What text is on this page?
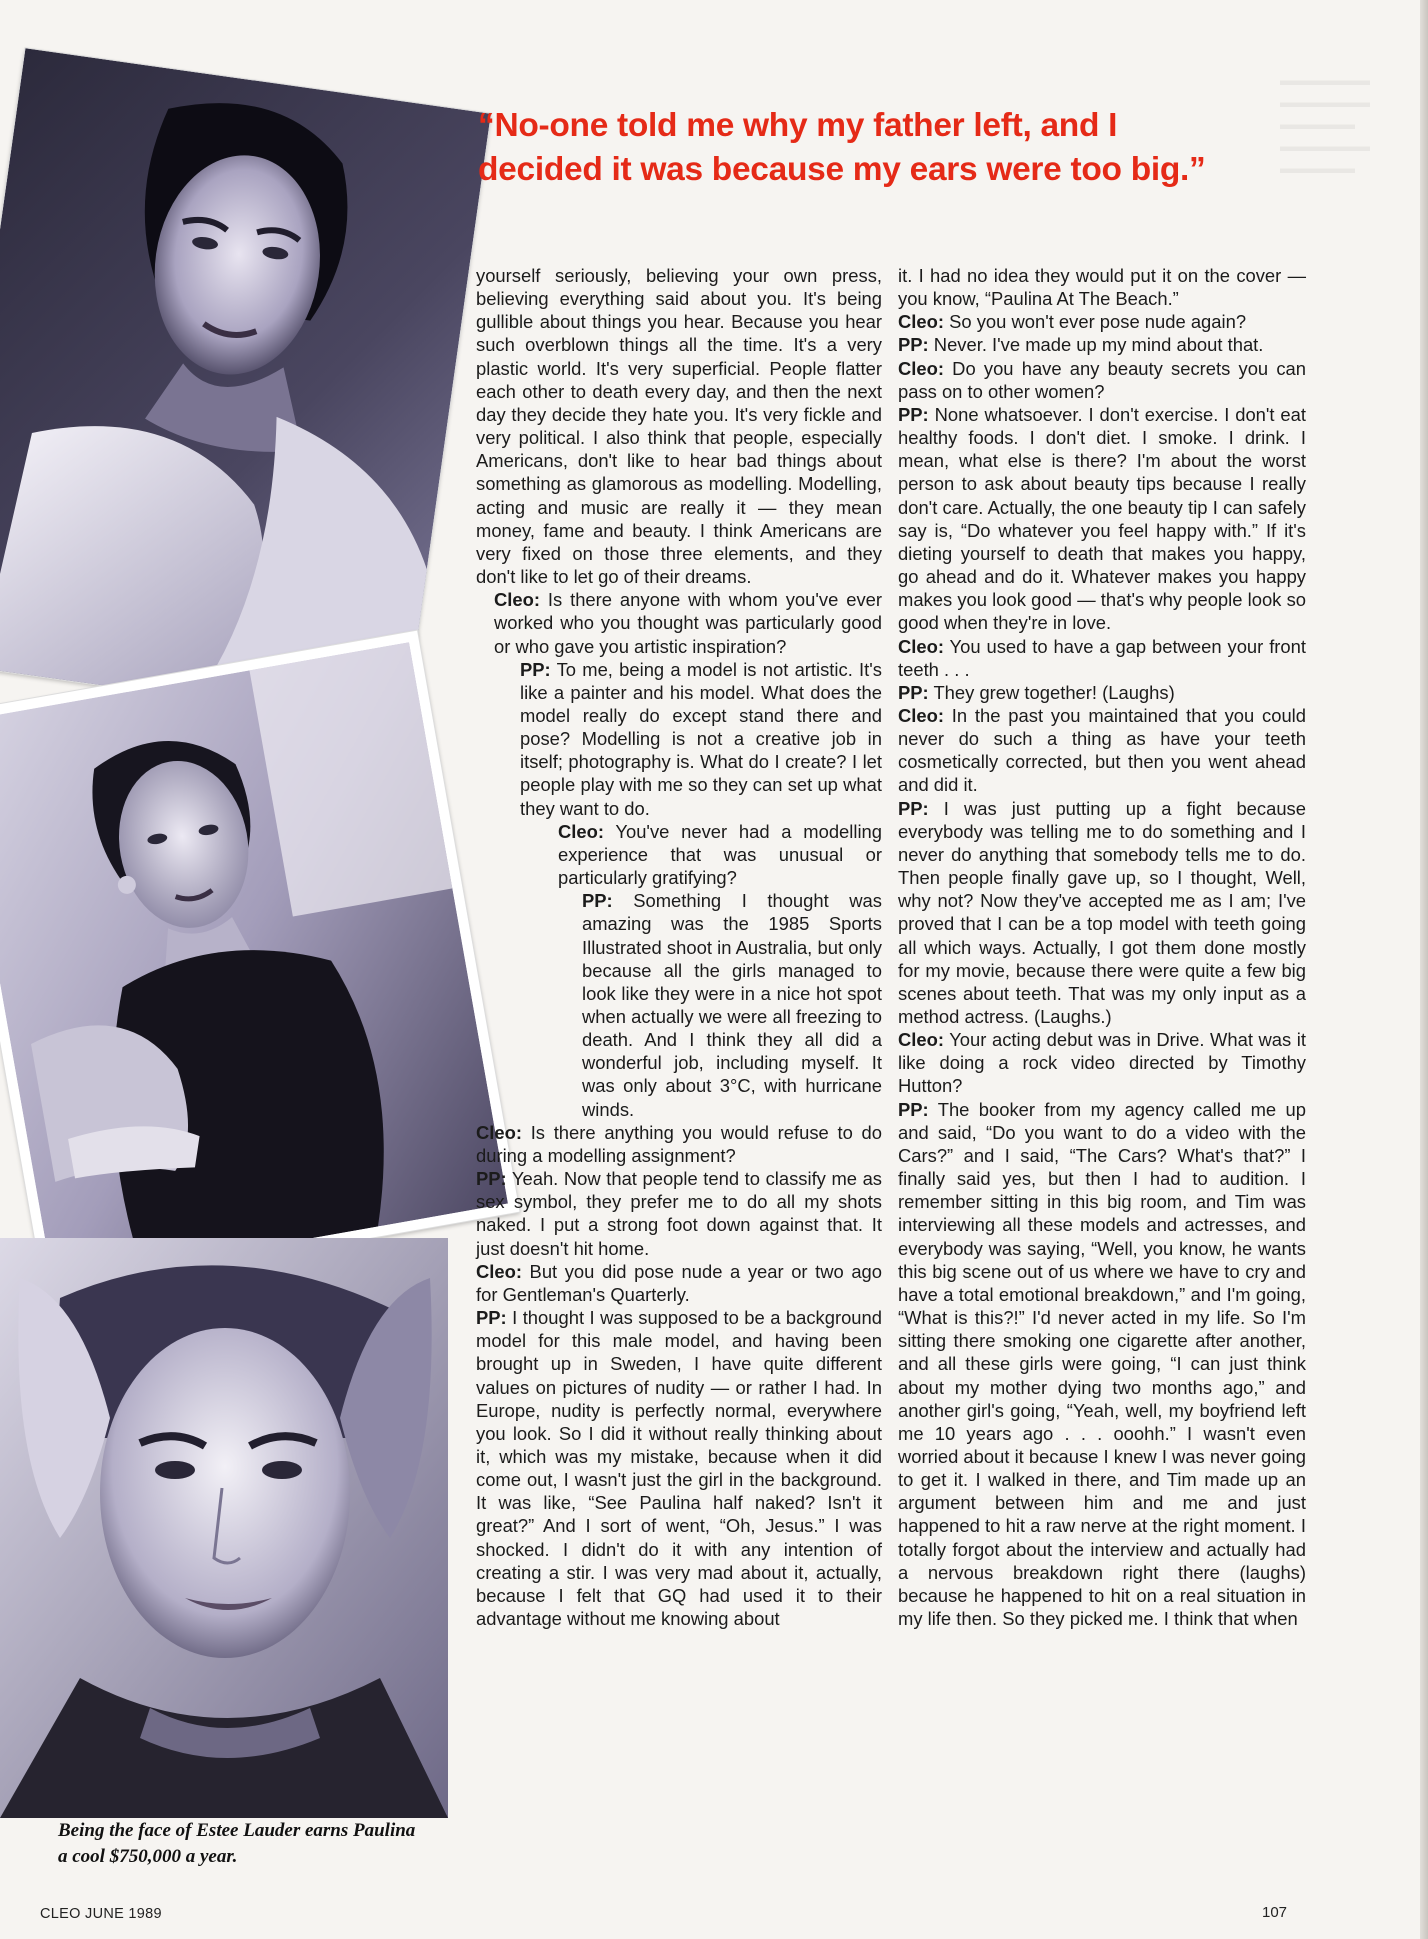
▬▬▬▬▬▬
▬▬▬▬▬▬
▬▬▬▬▬
▬▬▬▬▬▬
▬▬▬▬▬
“No-one told me why my father left, and I decided it was because my ears were too big.”

yourself seriously, believing your own press, believing everything said about you. It's being gullible about things you hear. Because you hear such overblown things all the time. It's a very plastic world. It's very superficial. People flatter each other to death every day, and then the next day they decide they hate you. It's very fickle and very political. I also think that people, especially Americans, don't like to hear bad things about something as glamorous as modelling. Modelling, acting and music are really it — they mean money, fame and beauty. I think Americans are very fixed on those three elements, and they don't like to let go of their dreams.

Cleo: Is there anyone with whom you've ever worked who you thought was particularly good or who gave you artistic inspiration?

PP: To me, being a model is not artistic. It's like a painter and his model. What does the model really do except stand there and pose? Modelling is not a creative job in itself; photography is. What do I create? I let people play with me so they can set up what they want to do.

Cleo: You've never had a modelling experience that was unusual or particularly gratifying?

PP: Something I thought was amazing was the 1985 Sports Illustrated shoot in Australia, but only because all the girls managed to look like they were in a nice hot spot when actually we were all freezing to death. And I think they all did a wonderful job, including myself. It was only about 3°C, with hurricane winds.

Cleo: Is there anything you would refuse to do during a modelling assignment?

PP: Yeah. Now that people tend to classify me as sex symbol, they prefer me to do all my shots naked. I put a strong foot down against that. It just doesn't hit home.

Cleo: But you did pose nude a year or two ago for Gentleman's Quarterly.

PP: I thought I was supposed to be a background model for this male model, and having been brought up in Sweden, I have quite different values on pictures of nudity — or rather I had. In Europe, nudity is perfectly normal, everywhere you look. So I did it without really thinking about it, which was my mistake, because when it did come out, I wasn't just the girl in the background. It was like, “See Paulina half naked? Isn't it great?” And I sort of went, “Oh, Jesus.” I was shocked. I didn't do it with any intention of creating a stir. I was very mad about it, actually, because I felt that GQ had used it to their advantage without me knowing about

it. I had no idea they would put it on the cover — you know, “Paulina At The Beach.”

Cleo: So you won't ever pose nude again?

PP: Never. I've made up my mind about that.

Cleo: Do you have any beauty secrets you can pass on to other women?

PP: None whatsoever. I don't exercise. I don't eat healthy foods. I don't diet. I smoke. I drink. I mean, what else is there? I'm about the worst person to ask about beauty tips because I really don't care. Actually, the one beauty tip I can safely say is, “Do whatever you feel happy with.” If it's dieting yourself to death that makes you happy, go ahead and do it. Whatever makes you happy makes you look good — that's why people look so good when they're in love.

Cleo: You used to have a gap between your front teeth . . .

PP: They grew together! (Laughs)

Cleo: In the past you maintained that you could never do such a thing as have your teeth cosmetically corrected, but then you went ahead and did it.

PP: I was just putting up a fight because everybody was telling me to do something and I never do anything that somebody tells me to do. Then people finally gave up, so I thought, Well, why not? Now they've accepted me as I am; I've proved that I can be a top model with teeth going all which ways. Actually, I got them done mostly for my movie, because there were quite a few big scenes about teeth. That was my only input as a method actress. (Laughs.)

Cleo: Your acting debut was in Drive. What was it like doing a rock video directed by Timothy Hutton?

PP: The booker from my agency called me up and said, “Do you want to do a video with the Cars?” and I said, “The Cars? What's that?” I finally said yes, but then I had to audition. I remember sitting in this big room, and Tim was interviewing all these models and actresses, and everybody was saying, “Well, you know, he wants this big scene out of us where we have to cry and have a total emotional breakdown,” and I'm going, “What is this?!” I'd never acted in my life. So I'm sitting there smoking one cigarette after another, and all these girls were going, “I can just think about my mother dying two months ago,” and another girl's going, “Yeah, well, my boyfriend left me 10 years ago . . . ooohh.” I wasn't even worried about it because I knew I was never going to get it. I walked in there, and Tim made up an argument between him and me and just happened to hit a raw nerve at the right moment. I totally forgot about the interview and actually had a nervous breakdown right there (laughs) because he happened to hit on a real situation in my life then. So they picked me. I think that when

Being the face of Estee Lauder earns Paulina a cool $750,000 a year.
CLEO JUNE 1989	107
